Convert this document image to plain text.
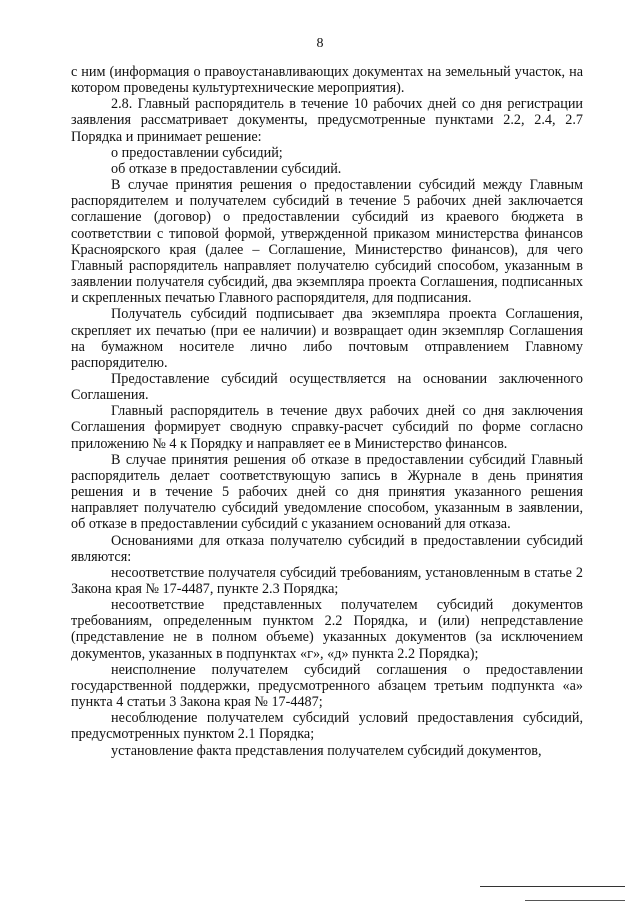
8

с ним (информация о правоустанавливающих документах на земельный участок, на котором проведены культуртехнические мероприятия).

2.8. Главный распорядитель в течение 10 рабочих дней со дня регистрации заявления рассматривает документы, предусмотренные пунктами 2.2, 2.4, 2.7 Порядка и принимает решение:

о предоставлении субсидий;

об отказе в предоставлении субсидий.

В случае принятия решения о предоставлении субсидий между Главным распорядителем и получателем субсидий в течение 5 рабочих дней заключается соглашение (договор) о предоставлении субсидий из краевого бюджета в соответствии с типовой формой, утвержденной приказом министерства финансов Красноярского края (далее – Соглашение, Министерство финансов), для чего Главный распорядитель направляет получателю субсидий способом, указанным в заявлении получателя субсидий, два экземпляра проекта Соглашения, подписанных и скрепленных печатью Главного распорядителя, для подписания.

Получатель субсидий подписывает два экземпляра проекта Соглашения, скрепляет их печатью (при ее наличии) и возвращает один экземпляр Соглашения на бумажном носителе лично либо почтовым отправлением Главному распорядителю.

Предоставление субсидий осуществляется на основании заключенного Соглашения.

Главный распорядитель в течение двух рабочих дней со дня заключения Соглашения формирует сводную справку-расчет субсидий по форме согласно приложению № 4 к Порядку и направляет ее в Министерство финансов.

В случае принятия решения об отказе в предоставлении субсидий Главный распорядитель делает соответствующую запись в Журнале в день принятия решения и в течение 5 рабочих дней со дня принятия указанного решения направляет получателю субсидий уведомление способом, указанным в заявлении, об отказе в предоставлении субсидий с указанием оснований для отказа.

Основаниями для отказа получателю субсидий в предоставлении субсидий являются:

несоответствие получателя субсидий требованиям, установленным в статье 2 Закона края № 17-4487, пункте 2.3 Порядка;

несоответствие представленных получателем субсидий документов требованиям, определенным пунктом 2.2 Порядка, и (или) непредставление (представление не в полном объеме) указанных документов (за исключением документов, указанных в подпунктах «г», «д» пункта 2.2 Порядка);

неисполнение получателем субсидий соглашения о предоставлении государственной поддержки, предусмотренного абзацем третьим подпункта «а» пункта 4 статьи 3 Закона края № 17-4487;

несоблюдение получателем субсидий условий предоставления субсидий, предусмотренных пунктом 2.1 Порядка;

установление факта представления получателем субсидий документов,
